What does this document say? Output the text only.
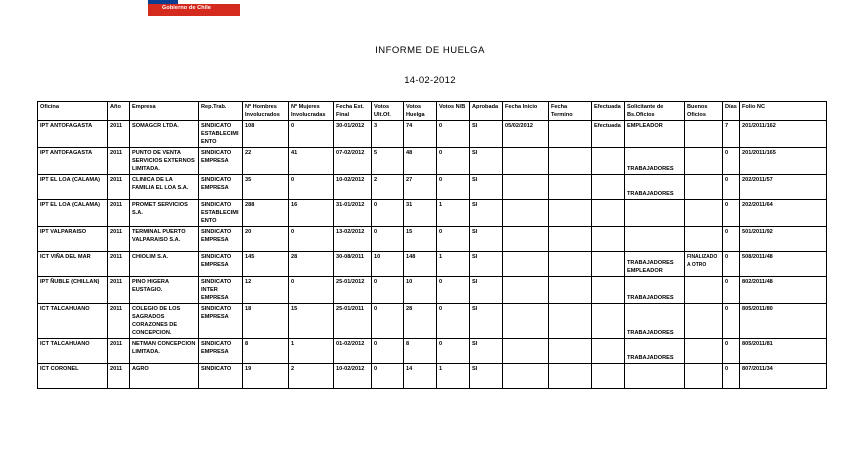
Gobierno de Chile
INFORME DE HUELGA
14-02-2012
Oficina	Año	Empresa	Rep.Trab.	Nº Hombres Involucrados	Nº Mujeres Involucradas	Fecha Est. Final	Votos Ult.Of.	Votos Huelga	Votos N/B	Aprobada	Fecha Inicio	Fecha Termino	Efectuada	Solicitante de Bs.Oficios	Buenos Oficios	Días	Folio NC
IPT ANTOFAGASTA	2011	SOMAGCR LTDA.	SINDICATO ESTABLECIMIENTO	108	0	30-01/2012	3	74	0	SI	05/02/2012		Efectuada	EMPLEADOR		7	201/2011/162
IPT ANTOFAGASTA	2011	PUNTO DE VENTA SERVICIOS EXTERNOS LIMITADA.	SINDICATO EMPRESA	22	41	07-02/2012	5	48	0	SI				TRABAJADORES		0	201/2011/165
IPT EL LOA (CALAMA)	2011	CLINICA DE LA FAMILIA EL LOA S.A.	SINDICATO EMPRESA	35	0	10-02/2012	2	27	0	SI				TRABAJADORES		0	202/2011/57
IPT EL LOA (CALAMA)	2011	PROMET SERVICIOS S.A.	SINDICATO ESTABLECIMIENTO	288	16	31-01/2012	0	31	1	SI						0	202/2011/64
IPT VALPARAISO	2011	TERMINAL PUERTO VALPARAISO S.A.	SINDICATO EMPRESA	20	0	13-02/2012	0	15	0	SI						0	501/2011/92
ICT VIÑA DEL MAR	2011	CHIOLIM S.A.	SINDICATO EMPRESA	145	28	30-08/2011	10	148	1	SI				TRABAJADORES EMPLEADOR	FINALIZADO A OTRO	0	508/2011/48
IPT ÑUBLE (CHILLAN)	2011	PINO HIGERA EUSTAGIO.	SINDICATO INTER EMPRESA	12	0	25-01/2012	0	10	0	SI				TRABAJADORES		0	802/2011/48
ICT TALCAHUANO	2011	COLEGIO DE LOS SAGRADOS CORAZONES DE CONCEPCION.	SINDICATO EMPRESA	18	15	25-01/2011	0	28	0	SI				TRABAJADORES		0	805/2011/80
ICT TALCAHUANO	2011	NETMAN CONCEPCION LIMITADA.	SINDICATO EMPRESA	8	1	01-02/2012	0	8	0	SI				TRABAJADORES		0	805/2011/81
ICT CORONEL	2011	AGRO	SINDICATO	19	2	10-02/2012	0	14	1	SI						0	807/2011/34
